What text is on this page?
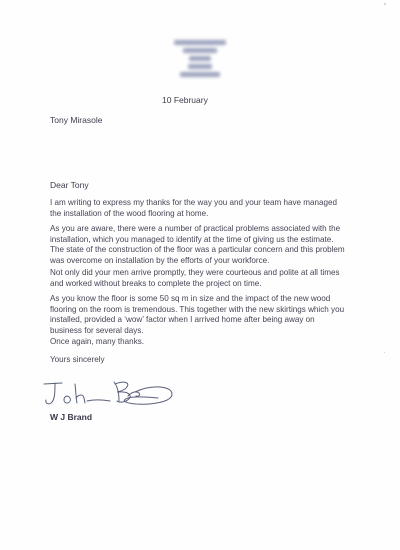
10 February
Tony Mirasole
Dear Tony
I am writing to express my thanks for the way you and your team have managed the installation of the wood flooring at home.
As you are aware, there were a number of practical problems associated with the installation, which you managed to identify at the time of giving us the estimate. The state of the construction of the floor was a particular concern and this problem was overcome on installation by the efforts of your workforce.
Not only did your men arrive promptly, they were courteous and polite at all times and worked without breaks to complete the project on time.
As you know the floor is some 50 sq m in size and the impact of the new wood flooring on the room is tremendous. This together with the new skirtings which you installed, provided a ‘wow’ factor when I arrived home after being away on business for several days.
Once again, many thanks.
Yours sincerely
W J Brand
